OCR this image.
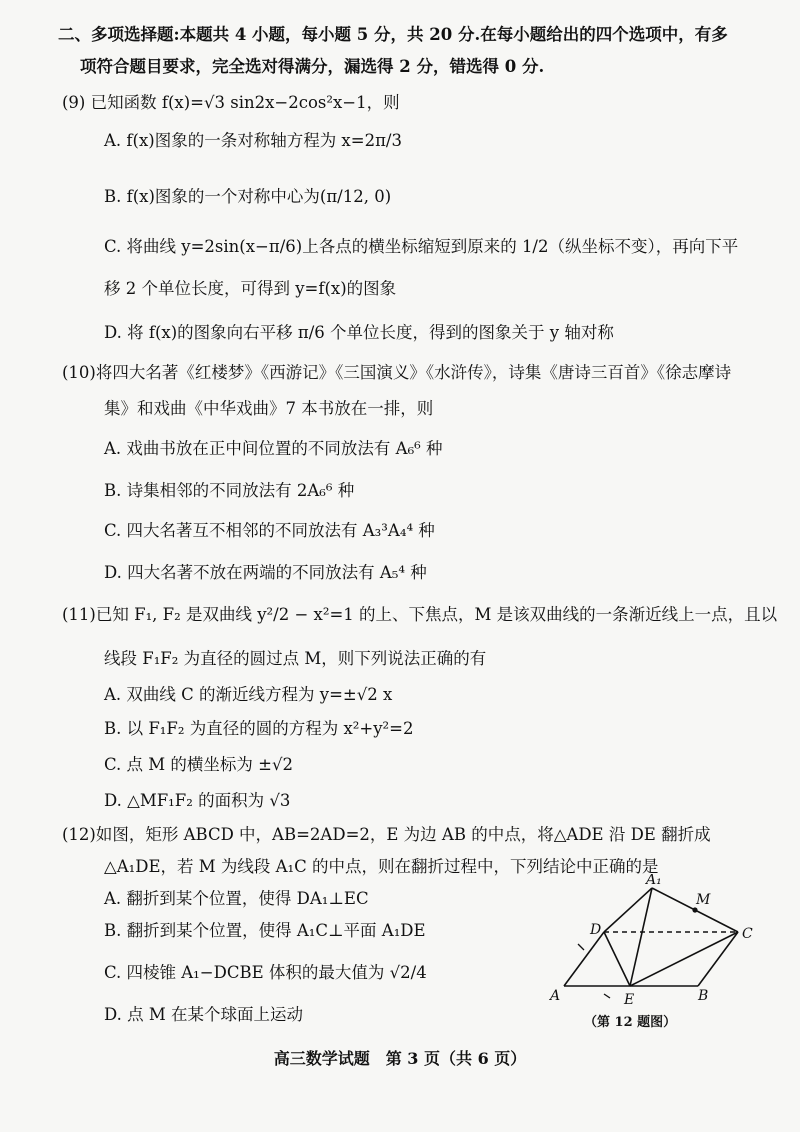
二、多项选择题:本题共 4 小题，每小题 5 分，共 20 分.在每小题给出的四个选项中，有多
项符合题目要求，完全选对得满分，漏选得 2 分，错选得 0 分.
(9) 已知函数 f(x)=√3 sin2x−2cos²x−1，则
A. f(x)图象的一条对称轴方程为 x=2π/3
B. f(x)图象的一个对称中心为(π/12, 0)
C. 将曲线 y=2sin(x−π/6)上各点的横坐标缩短到原来的 1/2（纵坐标不变），再向下平
移 2 个单位长度，可得到 y=f(x)的图象
D. 将 f(x)的图象向右平移 π/6 个单位长度，得到的图象关于 y 轴对称
(10)将四大名著《红楼梦》《西游记》《三国演义》《水浒传》，诗集《唐诗三百首》《徐志摩诗
集》和戏曲《中华戏曲》7 本书放在一排，则
A. 戏曲书放在正中间位置的不同放法有 A₆⁶ 种
B. 诗集相邻的不同放法有 2A₆⁶ 种
C. 四大名著互不相邻的不同放法有 A₃³A₄⁴ 种
D. 四大名著不放在两端的不同放法有 A₅⁴ 种
(11)已知 F₁, F₂ 是双曲线 y²/2 − x²=1 的上、下焦点，M 是该双曲线的一条渐近线上一点，且以
线段 F₁F₂ 为直径的圆过点 M，则下列说法正确的有
A. 双曲线 C 的渐近线方程为 y=±√2 x
B. 以 F₁F₂ 为直径的圆的方程为 x²+y²=2
C. 点 M 的横坐标为 ±√2
D. △MF₁F₂ 的面积为 √3
(12)如图，矩形 ABCD 中，AB=2AD=2，E 为边 AB 的中点，将△ADE 沿 DE 翻折成
△A₁DE，若 M 为线段 A₁C 的中点，则在翻折过程中，下列结论中正确的是
A. 翻折到某个位置，使得 DA₁⊥EC
B. 翻折到某个位置，使得 A₁C⊥平面 A₁DE
C. 四棱锥 A₁−DCBE 体积的最大值为 √2/4
D. 点 M 在某个球面上运动
A	E	B
C
D
A₁
M
（第 12 题图）
高三数学试题　第 3 页（共 6 页）
